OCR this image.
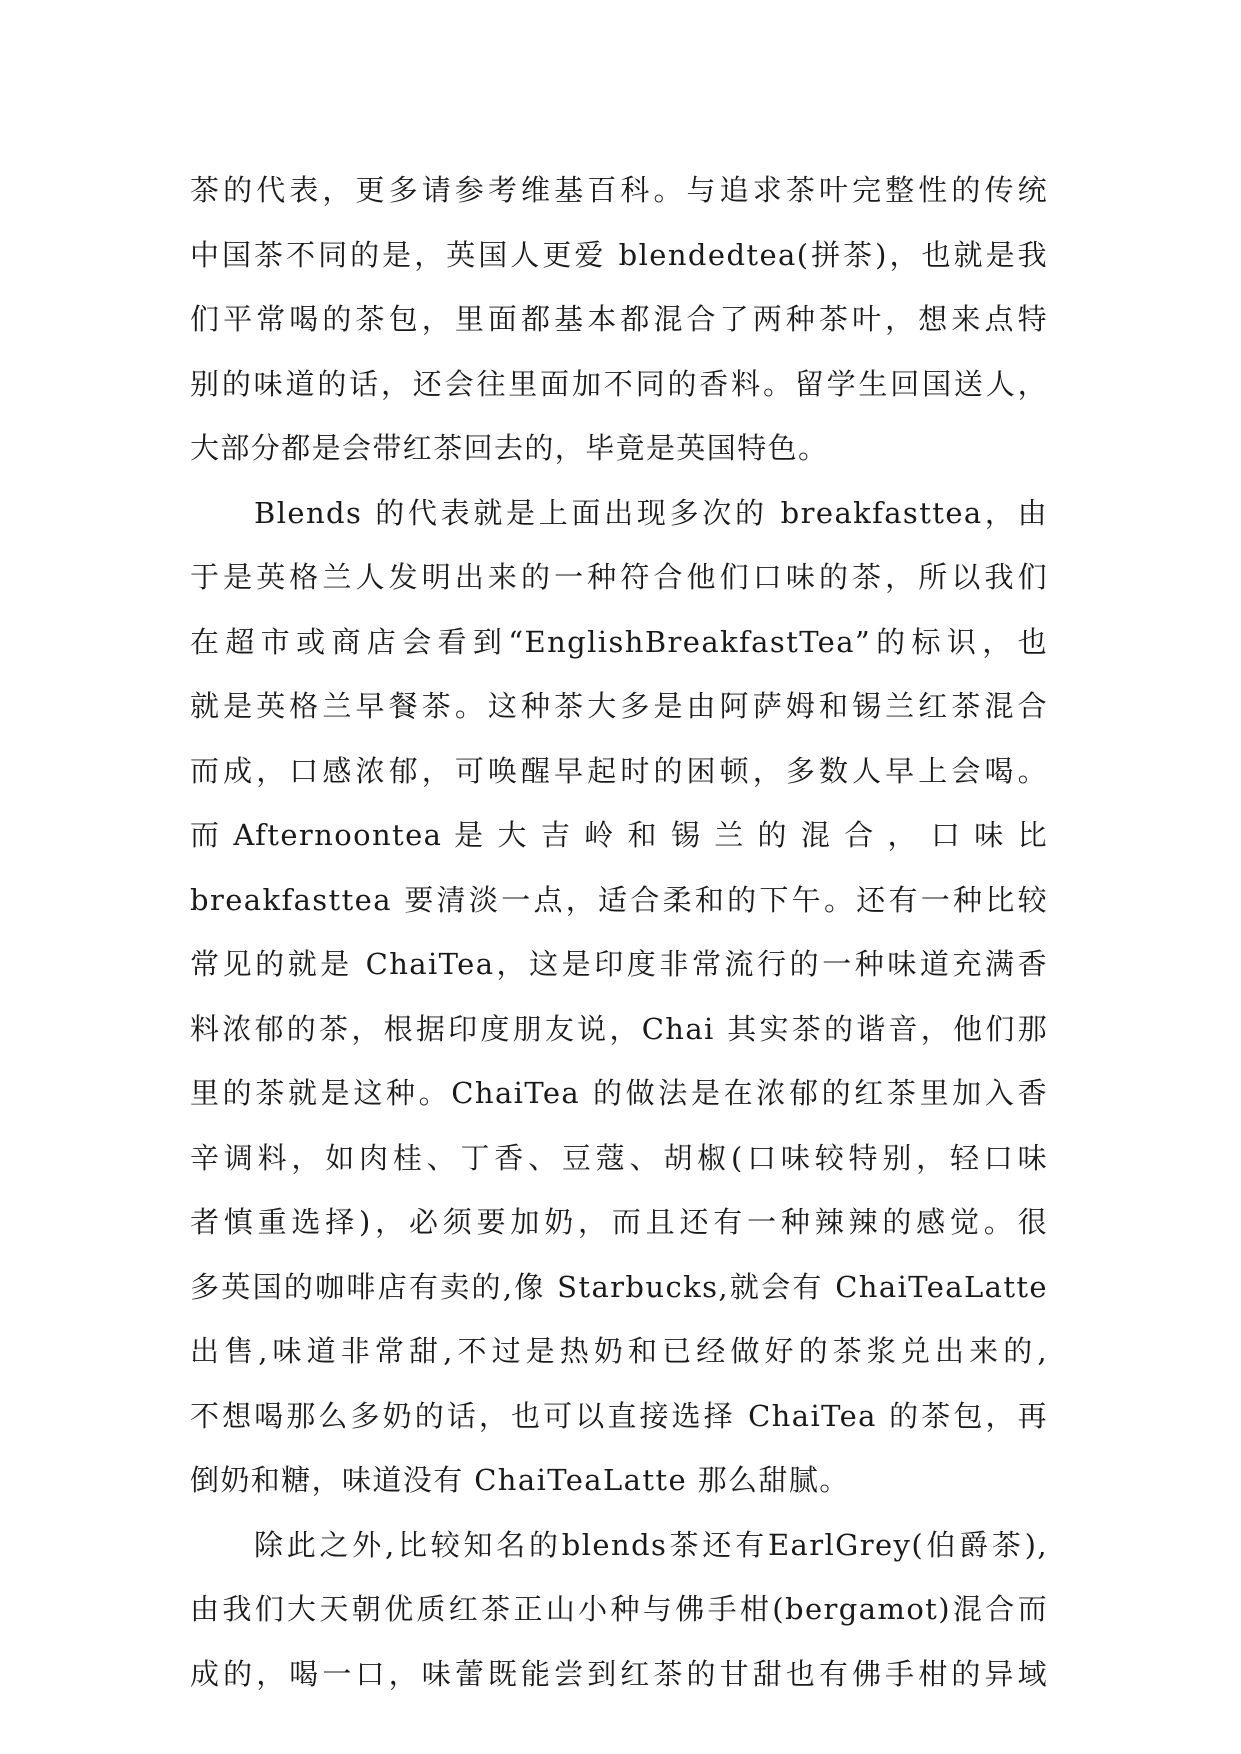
茶的代表，更多请参考维基百科。与追求茶叶完整性的传统
中国茶不同的是，英国人更爱 blendedtea(拼茶)，也就是我
们平常喝的茶包，里面都基本都混合了两种茶叶，想来点特
别的味道的话，还会往里面加不同的香料。留学生回国送人，
大部分都是会带红茶回去的，毕竟是英国特色。
Blends 的代表就是上面出现多次的 breakfasttea，由
于是英格兰人发明出来的一种符合他们口味的茶，所以我们
在超市或商店会看到“EnglishBreakfastTea”的标识，也
就是英格兰早餐茶。这种茶大多是由阿萨姆和锡兰红茶混合
而成，口感浓郁，可唤醒早起时的困顿，多数人早上会喝。
而 Afternoontea 是 大 吉 岭 和 锡 兰 的 混 合 ， 口 味 比
breakfasttea 要清淡一点，适合柔和的下午。还有一种比较
常见的就是 ChaiTea，这是印度非常流行的一种味道充满香
料浓郁的茶，根据印度朋友说，Chai 其实茶的谐音，他们那
里的茶就是这种。ChaiTea 的做法是在浓郁的红茶里加入香
辛调料，如肉桂、丁香、豆蔻、胡椒(口味较特别，轻口味
者慎重选择)，必须要加奶，而且还有一种辣辣的感觉。很
多英国的咖啡店有卖的,像 Starbucks,就会有 ChaiTeaLatte
出售,味道非常甜,不过是热奶和已经做好的茶浆兑出来的,
不想喝那么多奶的话，也可以直接选择 ChaiTea 的茶包，再
倒奶和糖，味道没有 ChaiTeaLatte 那么甜腻。
除此之外,比较知名的blends茶还有EarlGrey(伯爵茶),
由我们大天朝优质红茶正山小种与佛手柑(bergamot)混合而
成的，喝一口，味蕾既能尝到红茶的甘甜也有佛手柑的异域
